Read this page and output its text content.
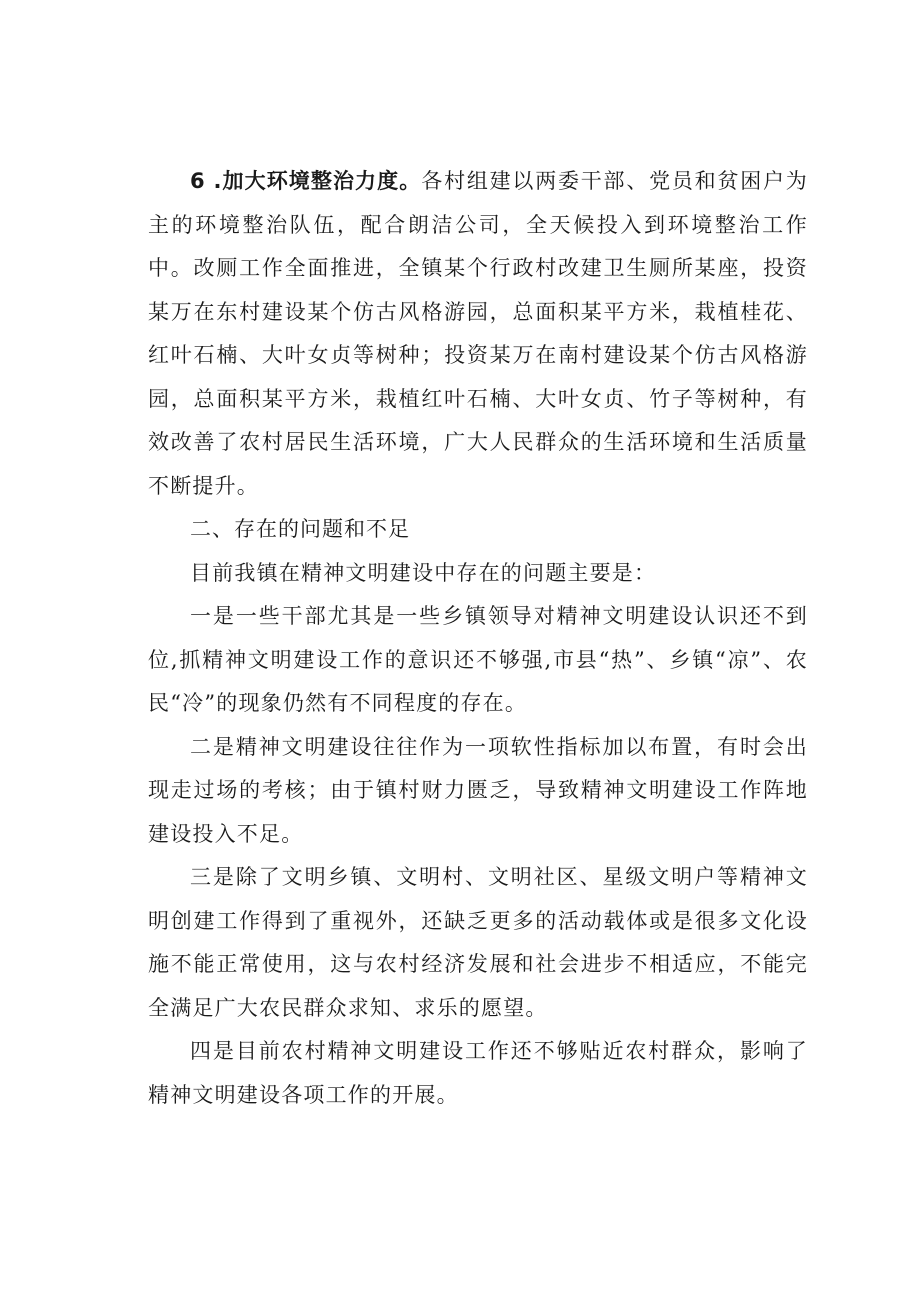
6 .加大环境整治力度。各村组建以两委干部、党员和贫困户为主的环境整治队伍，配合朗洁公司，全天候投入到环境整治工作中。改厕工作全面推进，全镇某个行政村改建卫生厕所某座，投资某万在东村建设某个仿古风格游园，总面积某平方米，栽植桂花、红叶石楠、大叶女贞等树种；投资某万在南村建设某个仿古风格游园，总面积某平方米，栽植红叶石楠、大叶女贞、竹子等树种，有效改善了农村居民生活环境，广大人民群众的生活环境和生活质量不断提升。

二、存在的问题和不足

目前我镇在精神文明建设中存在的问题主要是：

一是一些干部尤其是一些乡镇领导对精神文明建设认识还不到位,抓精神文明建设工作的意识还不够强,市县“热”、乡镇“凉”、农民“冷”的现象仍然有不同程度的存在。

二是精神文明建设往往作为一项软性指标加以布置，有时会出现走过场的考核；由于镇村财力匮乏，导致精神文明建设工作阵地建设投入不足。

三是除了文明乡镇、文明村、文明社区、星级文明户等精神文明创建工作得到了重视外，还缺乏更多的活动载体或是很多文化设施不能正常使用，这与农村经济发展和社会进步不相适应，不能完全满足广大农民群众求知、求乐的愿望。

四是目前农村精神文明建设工作还不够贴近农村群众，影响了精神文明建设各项工作的开展。
